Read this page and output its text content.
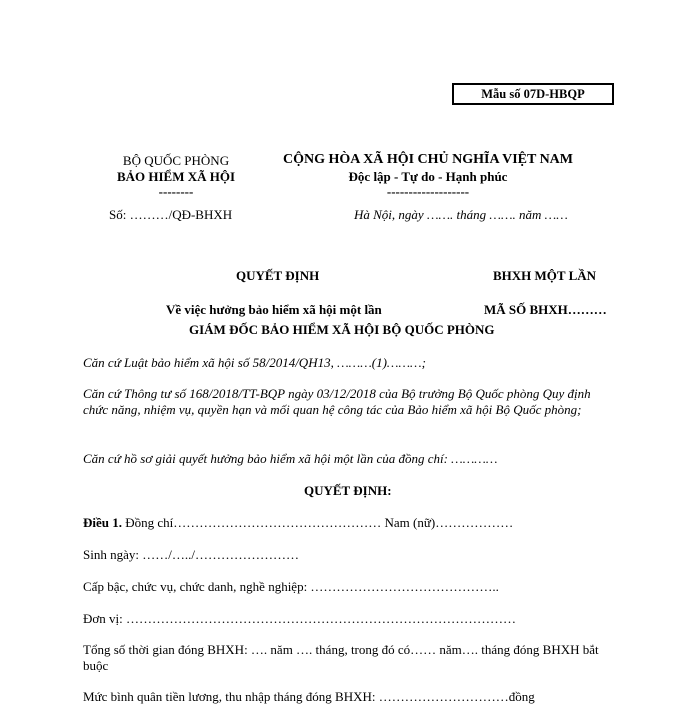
Mẫu số 07D-HBQP
BỘ QUỐC PHÒNG
BẢO HIỂM XÃ HỘI
--------
Số: ………/QĐ-BHXH
CỘNG HÒA XÃ HỘI CHỦ NGHĨA VIỆT NAM
Độc lập - Tự do - Hạnh phúc
-------------------
Hà Nội, ngày ……. tháng ……. năm ……
QUYẾT ĐỊNH	BHXH MỘT LẦN
Về việc hưởng bảo hiểm xã hội một lần	MÃ SỐ BHXH………
GIÁM ĐỐC BẢO HIỂM XÃ HỘI BỘ QUỐC PHÒNG
Căn cứ Luật bảo hiểm xã hội số 58/2014/QH13, ………(1)………;
Căn cứ Thông tư số 168/2018/TT-BQP ngày 03/12/2018 của Bộ trưởng Bộ Quốc phòng Quy định chức năng, nhiệm vụ, quyền hạn và mối quan hệ công tác của Bảo hiểm xã hội Bộ Quốc phòng;
Căn cứ hồ sơ giải quyết hưởng bảo hiểm xã hội một lần của đồng chí: …………
QUYẾT ĐỊNH:
Điều 1. Đồng chí………………………………………… Nam (nữ)………………
Sinh ngày: ……/…../……………………
Cấp bậc, chức vụ, chức danh, nghề nghiệp: ……………………………………..
Đơn vị: ………………………………………………………………………………
Tổng số thời gian đóng BHXH: …. năm …. tháng, trong đó có…… năm…. tháng đóng BHXH bắt buộc
Mức bình quân tiền lương, thu nhập tháng đóng BHXH: …………………………đồng
